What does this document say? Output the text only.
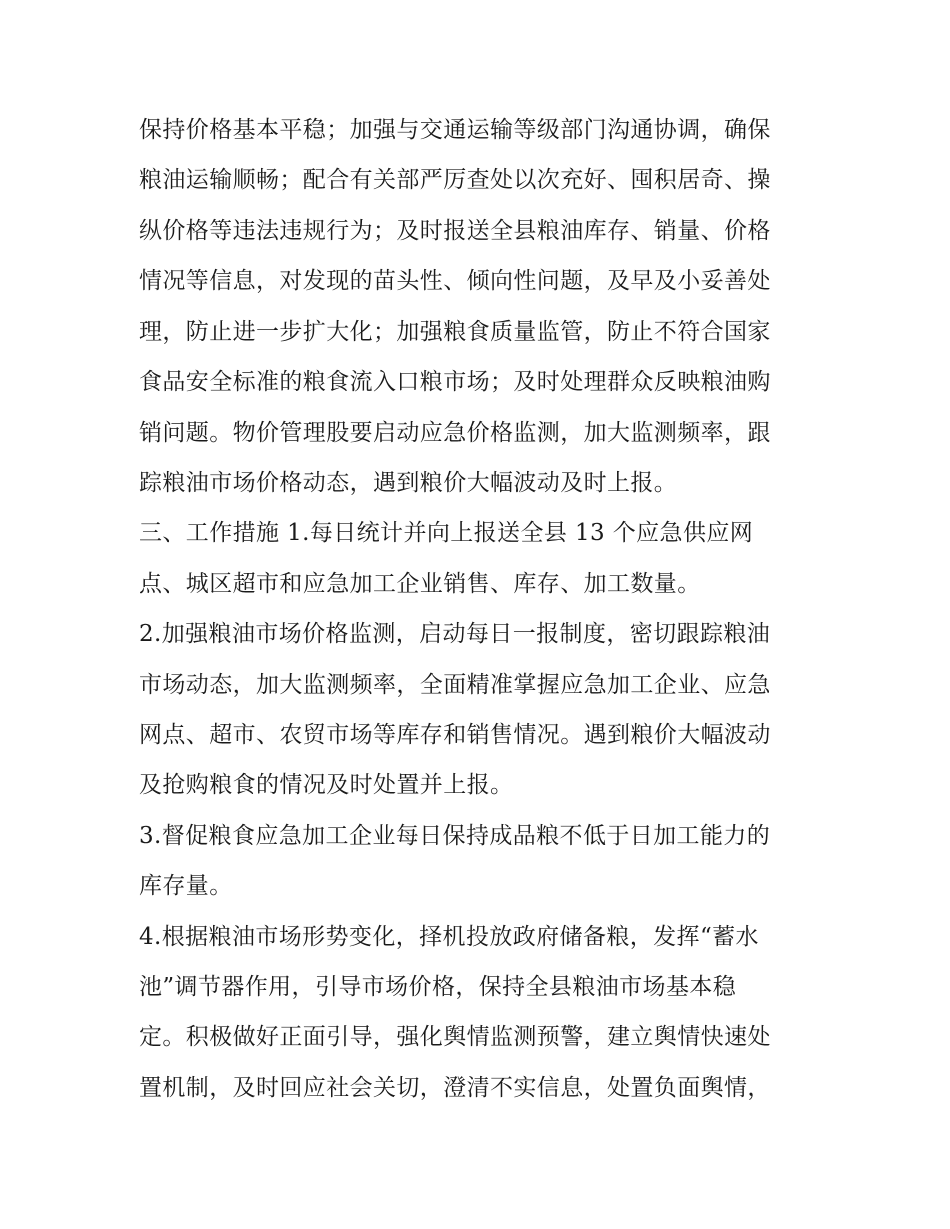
保持价格基本平稳；加强与交通运输等级部门沟通协调，确保
粮油运输顺畅；配合有关部严厉查处以次充好、囤积居奇、操
纵价格等违法违规行为；及时报送全县粮油库存、销量、价格
情况等信息，对发现的苗头性、倾向性问题，及早及小妥善处
理，防止进一步扩大化；加强粮食质量监管，防止不符合国家
食品安全标准的粮食流入口粮市场；及时处理群众反映粮油购
销问题。物价管理股要启动应急价格监测，加大监测频率，跟
踪粮油市场价格动态，遇到粮价大幅波动及时上报。
三、工作措施 1.每日统计并向上报送全县 13 个应急供应网
点、城区超市和应急加工企业销售、库存、加工数量。
2.加强粮油市场价格监测，启动每日一报制度，密切跟踪粮油
市场动态，加大监测频率，全面精准掌握应急加工企业、应急
网点、超市、农贸市场等库存和销售情况。遇到粮价大幅波动
及抢购粮食的情况及时处置并上报。
3.督促粮食应急加工企业每日保持成品粮不低于日加工能力的
库存量。
4.根据粮油市场形势变化，择机投放政府储备粮，发挥“蓄水
池”调节器作用，引导市场价格，保持全县粮油市场基本稳
定。积极做好正面引导，强化舆情监测预警，建立舆情快速处
置机制，及时回应社会关切，澄清不实信息，处置负面舆情，
